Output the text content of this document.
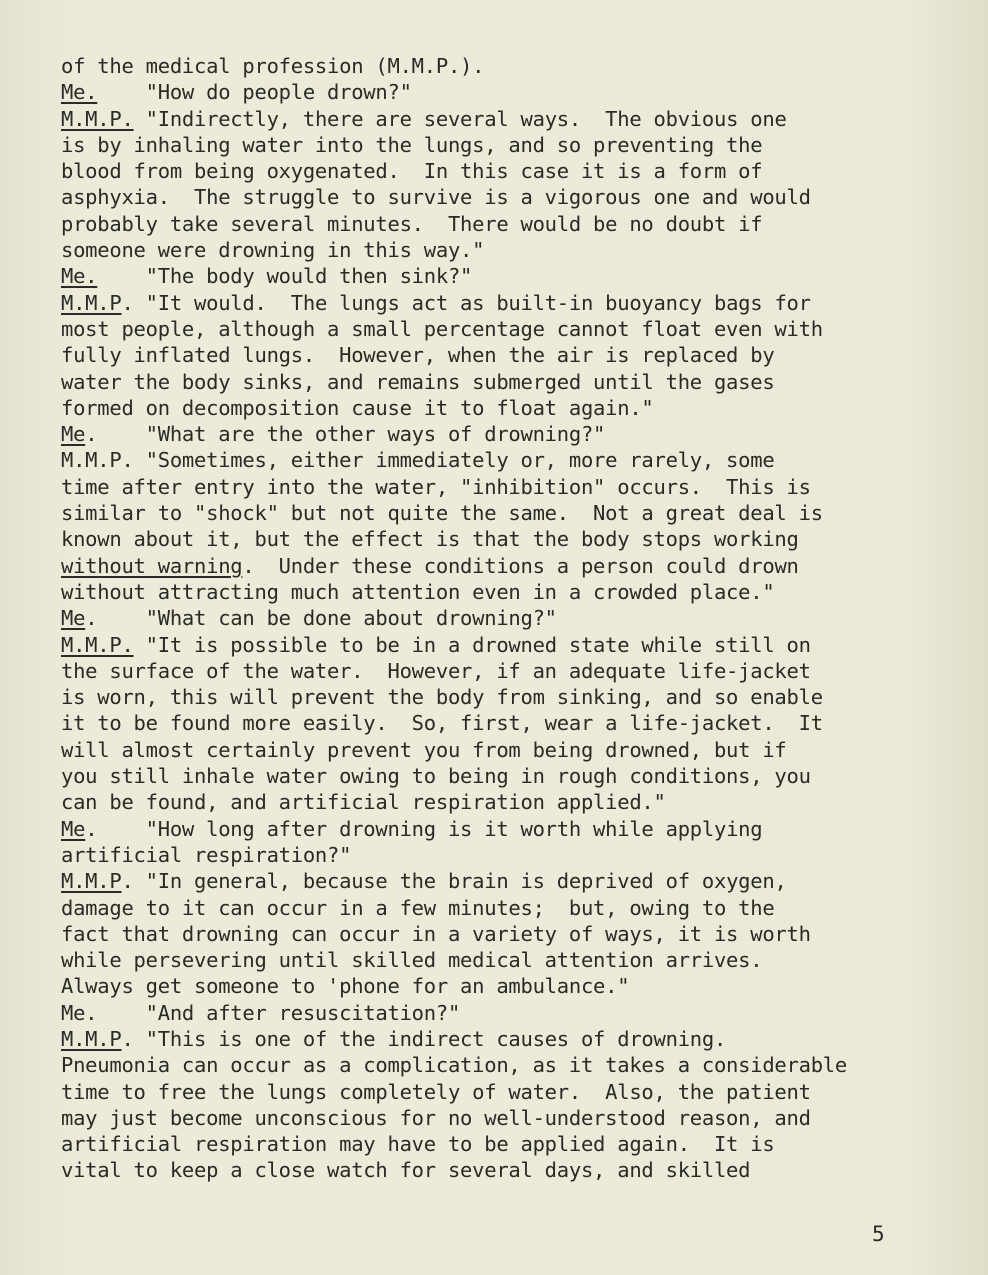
of the medical profession (M.M.P.).
Me.    "How do people drown?"
M.M.P. "Indirectly, there are several ways.  The obvious one
is by inhaling water into the lungs, and so preventing the
blood from being oxygenated.  In this case it is a form of
asphyxia.  The struggle to survive is a vigorous one and would
probably take several minutes.  There would be no doubt if
someone were drowning in this way."
Me.    "The body would then sink?"
M.M.P. "It would.  The lungs act as built-in buoyancy bags for
most people, although a small percentage cannot float even with
fully inflated lungs.  However, when the air is replaced by
water the body sinks, and remains submerged until the gases
formed on decomposition cause it to float again."
Me.    "What are the other ways of drowning?"
M.M.P. "Sometimes, either immediately or, more rarely, some
time after entry into the water, "inhibition" occurs.  This is
similar to "shock" but not quite the same.  Not a great deal is
known about it, but the effect is that the body stops working
without warning.  Under these conditions a person could drown
without attracting much attention even in a crowded place."
Me.    "What can be done about drowning?"
M.M.P. "It is possible to be in a drowned state while still on
the surface of the water.  However, if an adequate life-jacket
is worn, this will prevent the body from sinking, and so enable
it to be found more easily.  So, first, wear a life-jacket.  It
will almost certainly prevent you from being drowned, but if
you still inhale water owing to being in rough conditions, you
can be found, and artificial respiration applied."
Me.    "How long after drowning is it worth while applying
artificial respiration?"
M.M.P. "In general, because the brain is deprived of oxygen,
damage to it can occur in a few minutes;  but, owing to the
fact that drowning can occur in a variety of ways, it is worth
while persevering until skilled medical attention arrives.
Always get someone to 'phone for an ambulance."
Me.    "And after resuscitation?"
M.M.P. "This is one of the indirect causes of drowning.
Pneumonia can occur as a complication, as it takes a considerable
time to free the lungs completely of water.  Also, the patient
may just become unconscious for no well-understood reason, and
artificial respiration may have to be applied again.  It is
vital to keep a close watch for several days, and skilled
5
